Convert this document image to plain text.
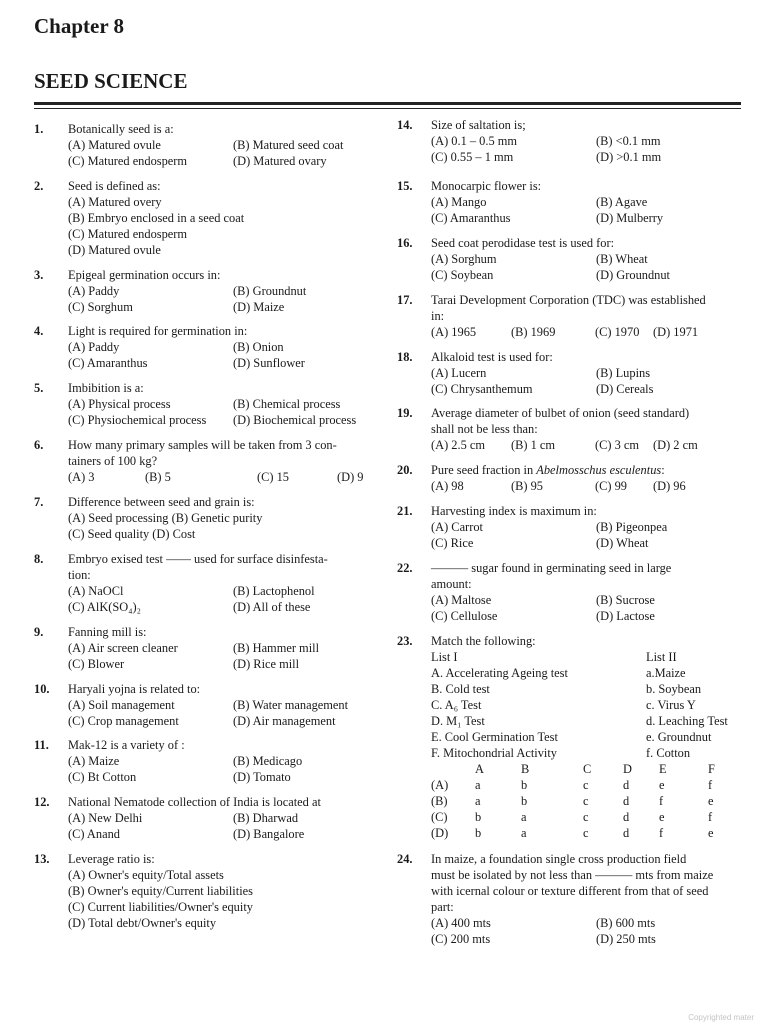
Chapter 8
SEED SCIENCE
1. Botanically seed is a:
(A) Matured ovule	(B) Matured seed coat
(C) Matured endosperm	(D) Matured ovary
2. Seed is defined as:
(A) Matured overy
(B) Embryo enclosed in a seed coat
(C) Matured endosperm
(D) Matured ovule
3. Epigeal germination occurs in:
(A) Paddy	(B) Groundnut
(C) Sorghum	(D) Maize
4. Light is required for germination in:
(A) Paddy	(B) Onion
(C) Amaranthus	(D) Sunflower
5. Imbibition is a:
(A) Physical process	(B) Chemical process
(C) Physiochemical process (D) Biochemical process
6. How many primary samples will be taken from 3 con-
tainers of 100 kg?
(A) 3	(B) 5	(C) 15	(D) 9
7. Difference between seed and grain is:
(A) Seed processing (B) Genetic purity
(C) Seed quality (D) Cost
8. Embryo exised test —— used for surface disinfesta-
tion:
(A) NaOCl	(B) Lactophenol
(C) AlK(SO₄)₂	(D) All of these
9. Fanning mill is:
(A) Air screen cleaner	(B) Hammer mill
(C) Blower	(D) Rice mill
10. Haryali yojna is related to:
(A) Soil management	(B) Water management
(C) Crop management	(D) Air management
11. Mak-12 is a variety of :
(A) Maize	(B) Medicago
(C) Bt Cotton	(D) Tomato
12. National Nematode collection of India is located at
(A) New Delhi	(B) Dharwad
(C) Anand	(D) Bangalore
13. Leverage ratio is:
(A) Owner's equity/Total assets
(B) Owner's equity/Current liabilities
(C) Current liabilities/Owner's equity
(D) Total debt/Owner's equity
14. Size of saltation is;
(A) 0.1 – 0.5 mm	(B) <0.1 mm
(C) 0.55 – 1 mm	(D) >0.1 mm
15. Monocarpic flower is:
(A) Mango	(B) Agave
(C) Amaranthus	(D) Mulberry
16. Seed coat perodidase test is used for:
(A) Sorghum	(B) Wheat
(C) Soybean	(D) Groundnut
17. Tarai Development Corporation (TDC) was established
in:
(A) 1965	(B) 1969	(C) 1970 (D) 1971
18. Alkaloid test is used for:
(A) Lucern	(B) Lupins
(C) Chrysanthemum	(D) Cereals
19. Average diameter of bulbet of onion (seed standard)
shall not be less than:
(A) 2.5 cm (B) 1 cm	(C) 3 cm (D) 2 cm
20. Pure seed fraction in Abelmosschus esculentus:
(A) 98	(B) 95	(C) 99 (D) 96
21. Harvesting index is maximum in:
(A) Carrot	(B) Pigeonpea
(C) Rice	(D) Wheat
22. ——— sugar found in germinating seed in large
amount:
(A) Maltose	(B) Sucrose
(C) Cellulose	(D) Lactose
23. Match the following:
List I	List II
A. Accelerating Ageing test	a.Maize
B. Cold test	b. Soybean
C. A₆ Test	c. Virus Y
D. M₁ Test	d. Leaching Test
E. Cool Germination Test	e. Groundnut
F. Mitochondrial Activity	f. Cotton
A	B	C	D E	F
(A) a	b	c	d e	f
(B) a	b	c	d f	e
(C) b	a	c	d e	f
(D) b	a	c	d f	e
24. In maize, a foundation single cross production field
must be isolated by not less than ——— mts from maize
with icernal colour or texture different from that of seed
part:
(A) 400 mts	(B) 600 mts
(C) 200 mts	(D) 250 mts
Copyrighted mater
